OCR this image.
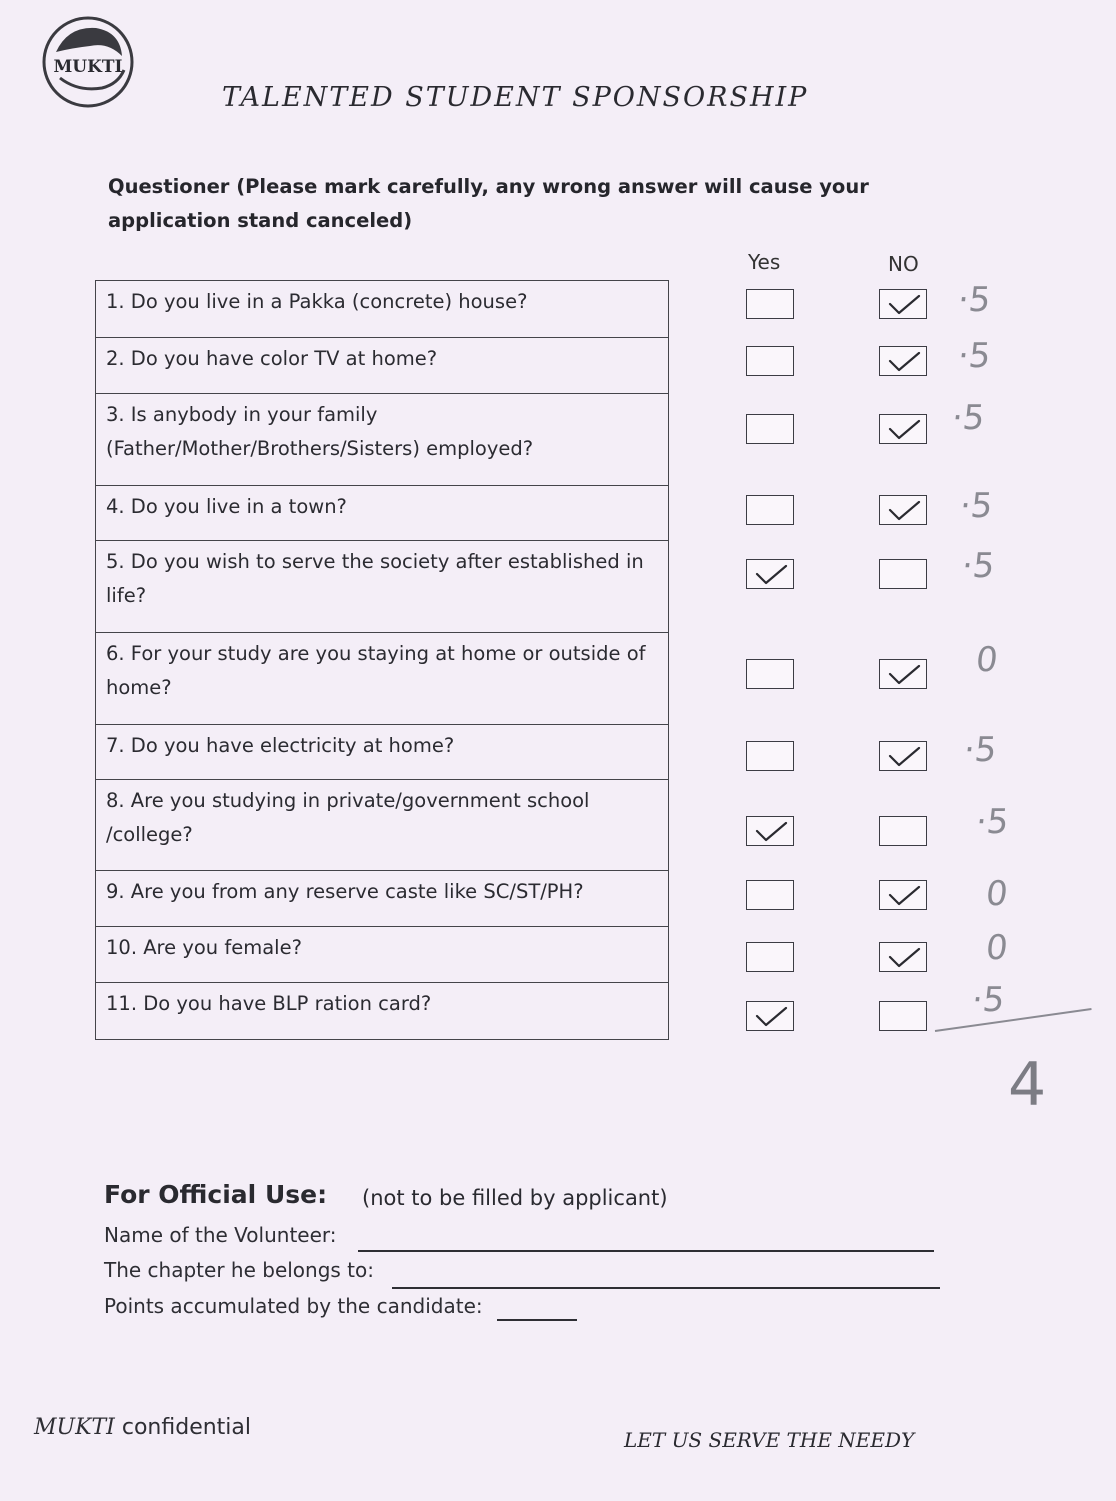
MUKTI
TALENTED STUDENT SPONSORSHIP
Questioner (Please mark carefully, any wrong answer will cause your application stand canceled)
Yes	NO
1. Do you live in a Pakka (concrete) house?
2. Do you have color TV at home?
3. Is anybody in your family (Father/Mother/Brothers/Sisters) employed?
4. Do you live in a town?
5. Do you wish to serve the society after established in life?
6. For your study are you staying at home or outside of home?
7. Do you have electricity at home?
8. Are you studying in private/government school /college?
9. Are you from any reserve caste like SC/ST/PH?
10. Are you female?
11. Do you have BLP ration card?
·5
·5
·5
·5
·5
0
·5
·5
0
0
·5
4
For Official Use: (not to be filled by applicant)
Name of the Volunteer:
The chapter he belongs to:
Points accumulated by the candidate:
MUKTI confidential	LET US SERVE THE NEEDY
